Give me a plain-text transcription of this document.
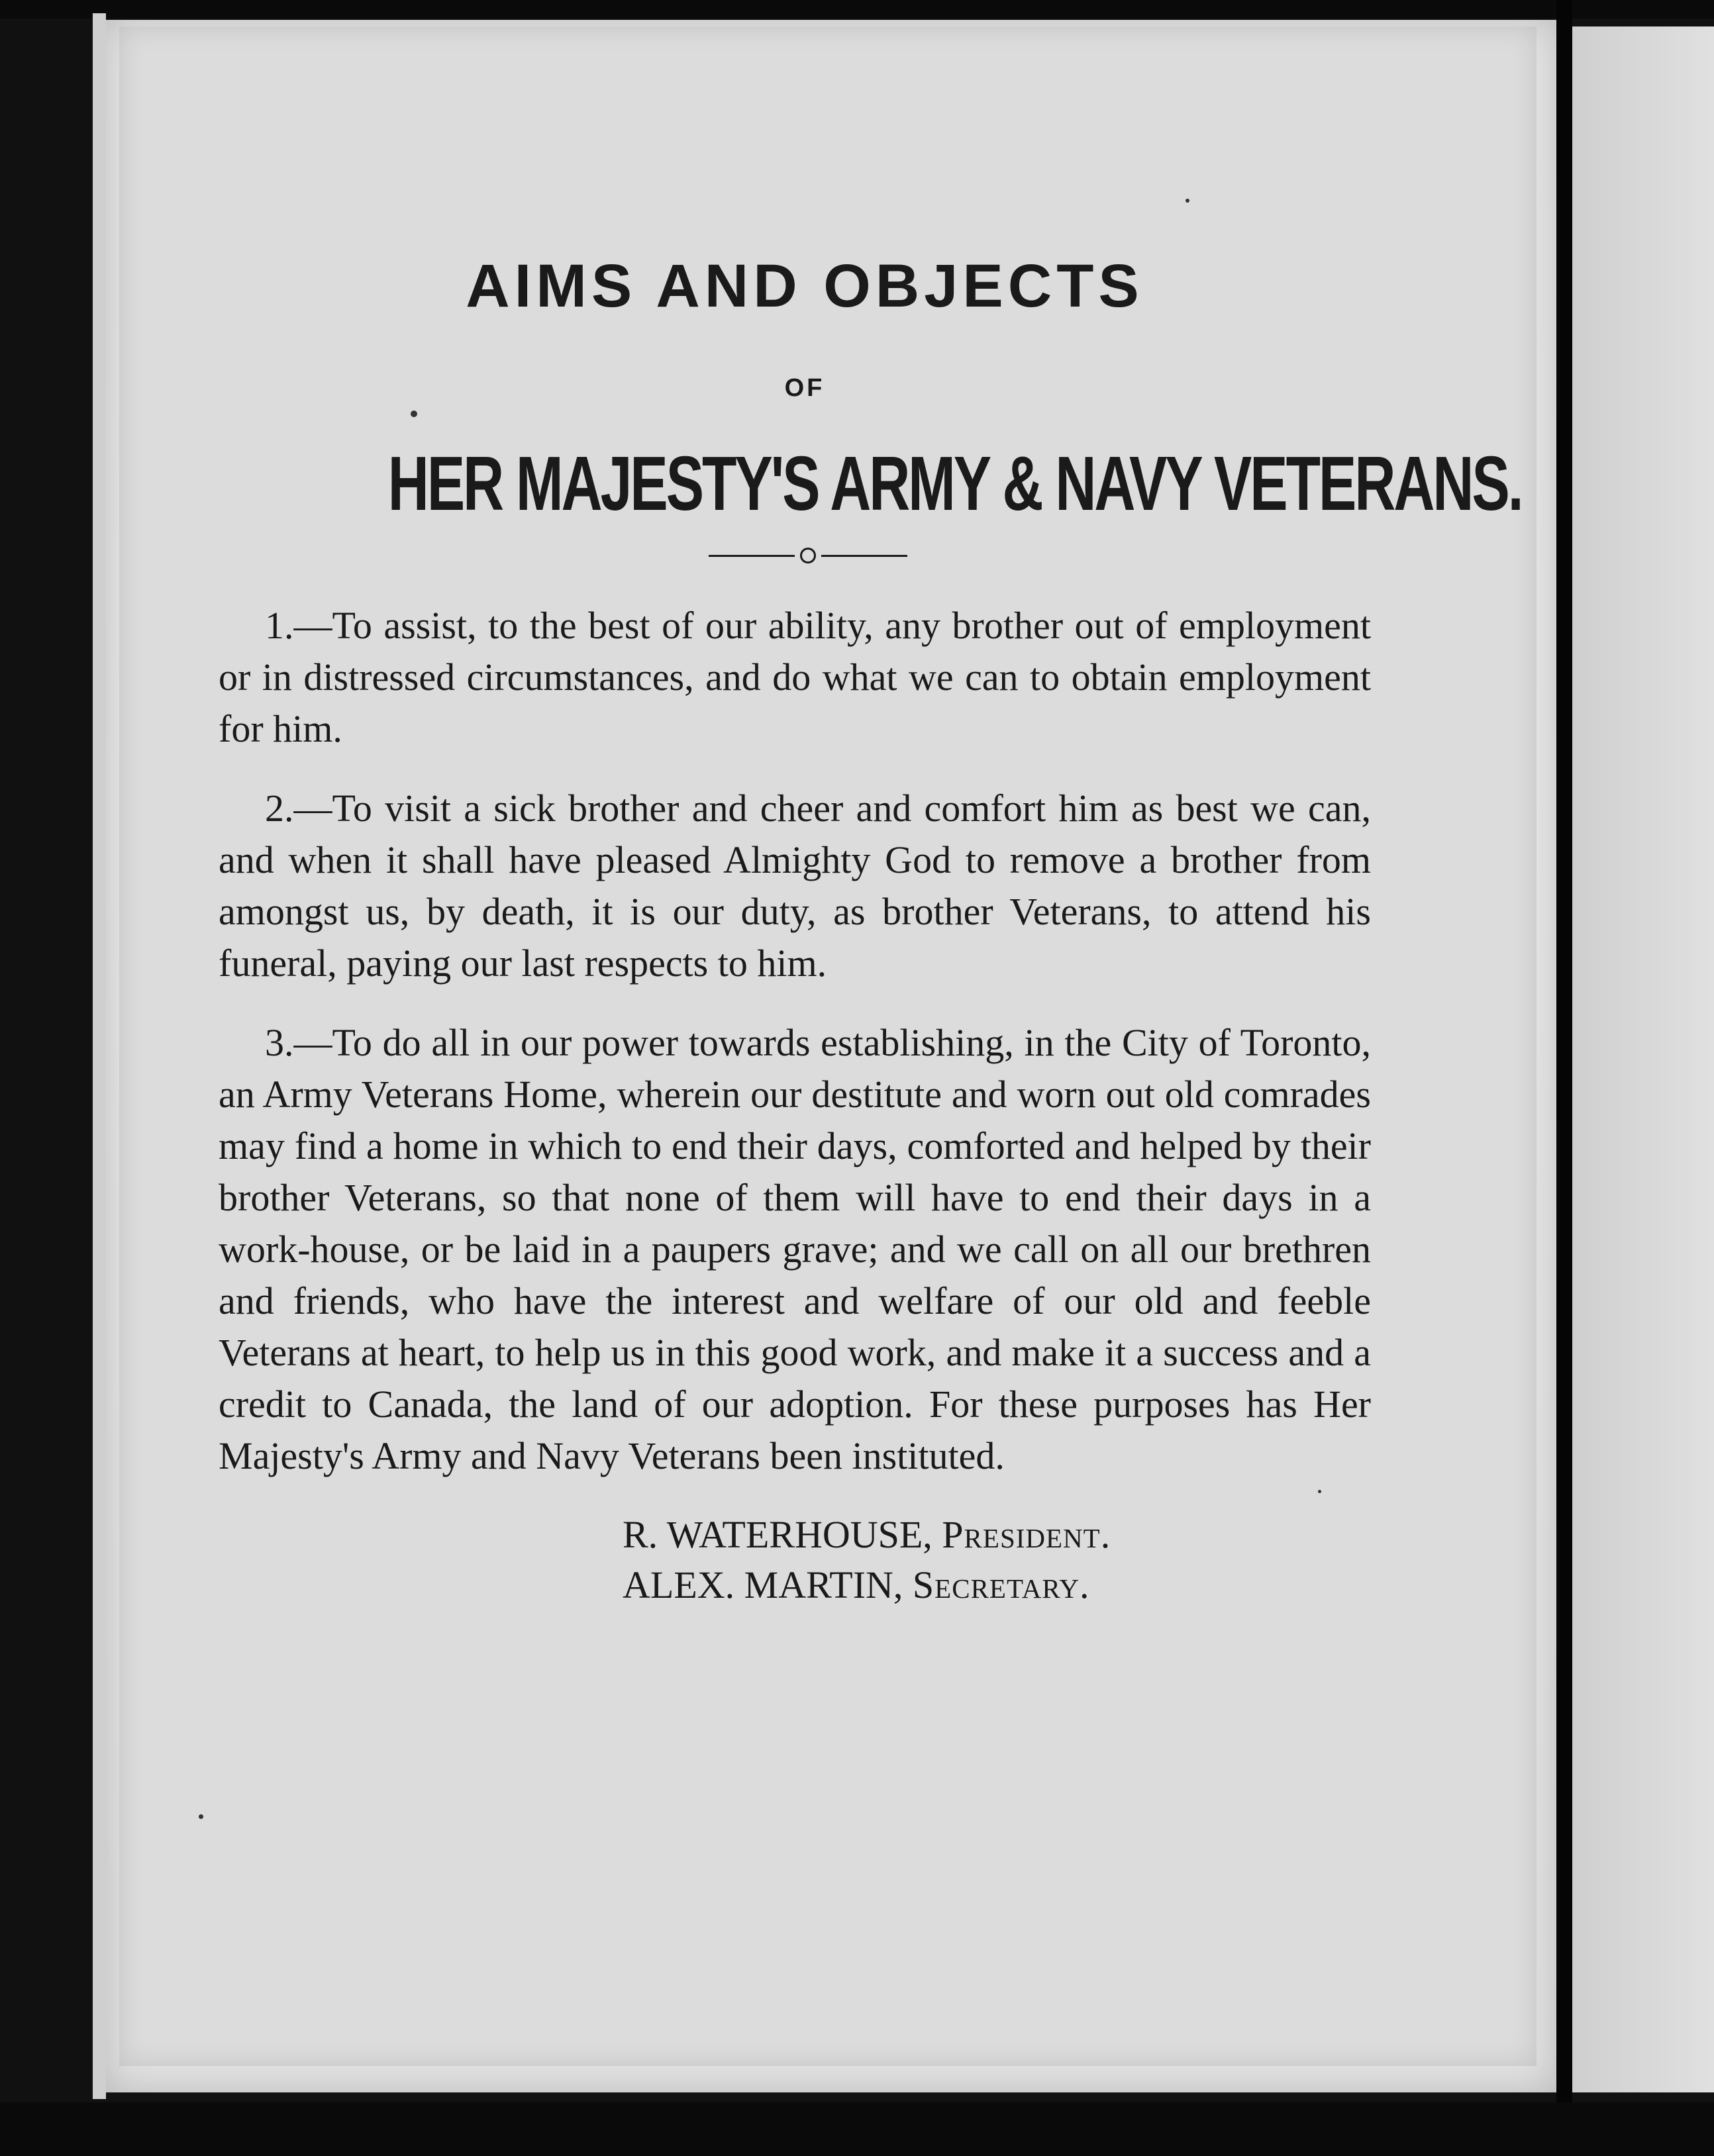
AIMS AND OBJECTS
OF
HER MAJESTY'S ARMY & NAVY VETERANS.

1.—To assist, to the best of our ability, any brother out of employment or in distressed circumstances, and do what we can to obtain employment for him.

2.—To visit a sick brother and cheer and comfort him as best we can, and when it shall have pleased Almighty God to remove a brother from amongst us, by death, it is our duty, as brother Veterans, to attend his funeral, paying our last respects to him.

3.—To do all in our power towards establishing, in the City of Toronto, an Army Veterans Home, wherein our destitute and worn out old comrades may find a home in which to end their days, comforted and helped by their brother Veterans, so that none of them will have to end their days in a work-house, or be laid in a paupers grave; and we call on all our brethren and friends, who have the interest and welfare of our old and feeble Veterans at heart, to help us in this good work, and make it a success and a credit to Canada, the land of our adoption. For these purposes has Her Majesty's Army and Navy Veterans been instituted.

R. WATERHOUSE, President.
ALEX. MARTIN, Secretary.
